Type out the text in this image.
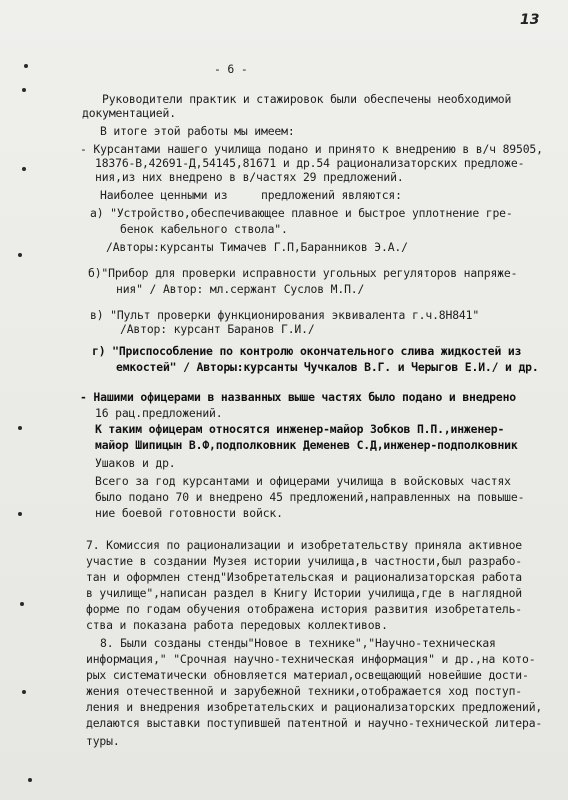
13
- 6 -
Руководители практик и стажировок были обеспечены необходимой
документацией.
В итоге этой работы мы имеем:
- Курсантами нашего училища подано и принято к внедрению в в/ч 89505,
18376-В,42691-Д,54145,81671 и др.54 рационализаторских предложе-
ния,из них внедрено в в/частях 29 предложений.
Наиболее ценными из     предложений являются:
а) "Устройство,обеспечивающее плавное и быстрое уплотнение гре-
бенок кабельного ствола".
/Авторы:курсанты Тимачев Г.П,Баранников Э.А./
б)"Прибор для проверки исправности угольных регуляторов напряже-
ния" / Автор: мл.сержант Суслов М.П./
в) "Пульт проверки функционирования эквивалента г.ч.8Н841"
/Автор: курсант Баранов Г.И./
г) "Приспособление по контролю окончательного слива жидкостей из
емкостей" / Авторы:курсанты Чучкалов В.Г. и Черыгов Е.И./ и др.
- Нашими офицерами в названных выше частях было подано и внедрено
16 рац.предложений.
К таким офицерам относятся инженер-майор Зобков П.П.,инженер-
майор Шипицын В.Ф,подполковник Деменев С.Д,инженер-подполковник
Ушаков и др.
Всего за год курсантами и офицерами училища в войсковых частях
было подано 70 и внедрено 45 предложений,направленных на повыше-
ние боевой готовности войск.
7. Комиссия по рационализации и изобретательству приняла активное
участие в создании Музея истории училища,в частности,был разрабо-
тан и оформлен стенд"Изобретательская и рационализаторская работа
в училище",написан раздел в Книгу Истории училища,где в наглядной
форме по годам обучения отображена история развития изобретатель-
ства и показана работа передовых коллективов.
8. Были созданы стенды"Новое в технике","Научно-техническая
информация," "Срочная научно-техническая информация" и др.,на кото-
рых систематически обновляется материал,освещающий новейшие дости-
жения отечественной и зарубежной техники,отображается ход поступ-
ления и внедрения изобретательских и рационализаторских предложений,
делаются выставки поступившей патентной и научно-технической литера-
туры.
